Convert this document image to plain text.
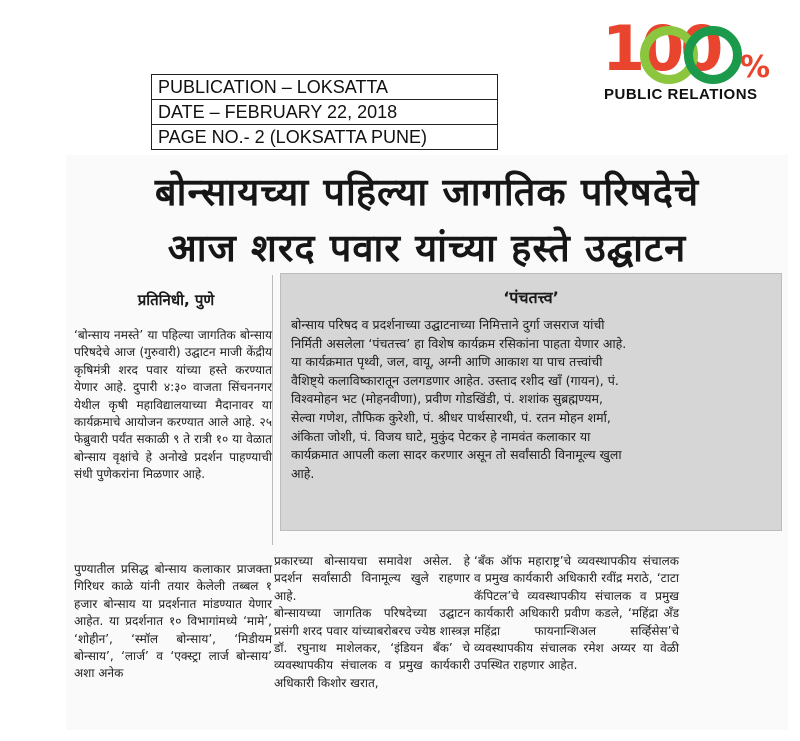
100 %
PUBLIC RELATIONS
PUBLICATION – LOKSATTA
DATE – FEBRUARY 22, 2018
PAGE NO.- 2 (LOKSATTA PUNE)
बोन्सायच्या पहिल्या जागतिक परिषदेचे
आज शरद पवार यांच्या हस्ते उद्घाटन
प्रतिनिधी, पुणे

‘बोन्साय नमस्ते’ या पहिल्या जागतिक बोन्साय परिषदेचे आज (गुरुवारी) उद्घाटन माजी केंद्रीय कृषिमंत्री शरद पवार यांच्या हस्ते करण्यात येणार आहे. दुपारी ४:३० वाजता सिंचननगर येथील कृषी महाविद्यालयाच्या मैदानावर या कार्यक्रमाचे आयोजन करण्यात आले आहे. २५ फेब्रुवारी पर्यंत सकाळी ९ ते रात्री १० या वेळात बोन्साय वृक्षांचे हे अनोखे प्रदर्शन पाहण्याची संधी पुणेकरांना मिळणार आहे.

पुण्यातील प्रसिद्ध बोन्साय कलाकार प्राजक्ता गिरिधर काळे यांनी तयार केलेली तब्बल १ हजार बोन्साय या प्रदर्शनात मांडण्यात येणार आहेत. या प्रदर्शनात १० विभागांमध्ये ‘मामे’, ‘शोहीन’, ‘स्मॉल बोन्साय’, ‘मिडीयम बोन्साय’, ‘लार्ज’ व ‘एक्स्ट्रा लार्ज बोन्साय’ अशा अनेक

‘पंचतत्त्व’
बोन्साय परिषद व प्रदर्शनाच्या उद्घाटनाच्या निमित्ताने दुर्गा जसराज यांची निर्मिती असलेला ‘पंचतत्त्व’ हा विशेष कार्यक्रम रसिकांना पाहता येणार आहे. या कार्यक्रमात पृथ्वी, जल, वायू, अग्नी आणि आकाश या पाच तत्त्वांची वैशिष्ट्ये कलाविष्कारातून उलगडणार आहेत. उस्ताद रशीद खाँ (गायन), पं. विश्वमोहन भट (मोहनवीणा), प्रवीण गोडखिंडी, पं. शशांक सुब्रह्मण्यम, सेल्वा गणेश, तौफिक कुरेशी, पं. श्रीधर पार्थसारथी, पं. रतन मोहन शर्मा, अंकिता जोशी, पं. विजय घाटे, मुकुंद पेटकर हे नामवंत कलाकार या कार्यक्रमात आपली कला सादर करणार असून तो सर्वांसाठी विनामूल्य खुला आहे.

प्रकारच्या बोन्सायचा समावेश असेल. हे प्रदर्शन सर्वांसाठी विनामूल्य खुले राहणार आहे.

बोन्सायच्या जागतिक परिषदेच्या उद्घाटन प्रसंगी शरद पवार यांच्याबरोबरच ज्येष्ठ शास्त्रज्ञ डॉ. रघुनाथ माशेलकर, ‘इंडियन बँक’ चे व्यवस्थापकीय संचालक व प्रमुख कार्यकारी अधिकारी किशोर खरात,

‘बँक ऑफ महाराष्ट्र’चे व्यवस्थापकीय संचालक व प्रमुख कार्यकारी अधिकारी रवींद्र मराठे, ‘टाटा कॅपिटल’चे व्यवस्थापकीय संचालक व प्रमुख कार्यकारी अधिकारी प्रवीण कडले, ‘महिंद्रा अँड महिंद्रा फायनान्शिअल सर्व्हिसेस’चे व्यवस्थापकीय संचालक रमेश अय्यर या वेळी उपस्थित राहणार आहेत.
